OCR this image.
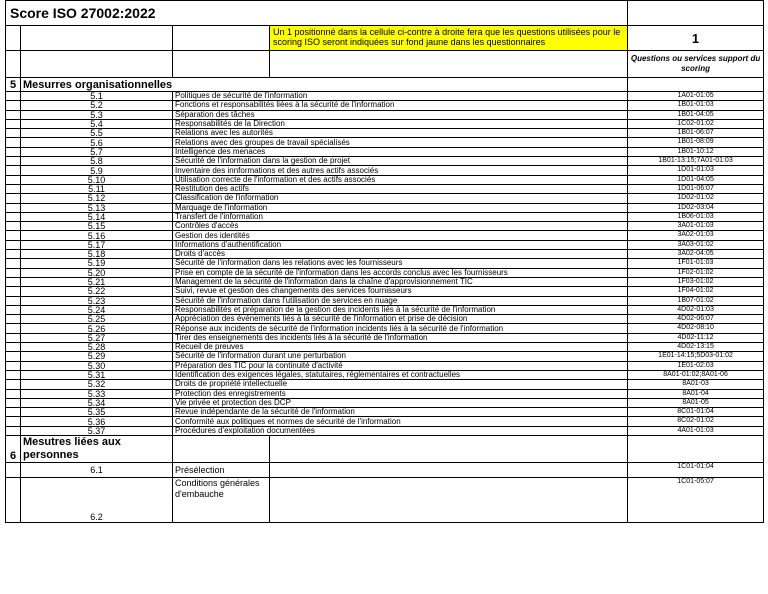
Score ISO 27002:2022				
			Un 1 positionné dans la cellule ci-contre à droite fera que les questions utilisées pour le scoring ISO seront indiquées sur fond jaune dans les questionnaires	1
				Questions ou services support du scoring
5	Mesurres organisationnelles			
	5.1	Politiques de sécurité de l'information		1A01-01:05
	5.2	Fonctions et responsabilités liées à la sécurité de l'information		1B01-01:03
	5.3	Séparation des tâches		1B01-04:05
	5.4	Responsabilités de la Direction		1C02-01:02
	5.5	Relations avec les autorités		1B01-06:07
	5.6	Relations avec des groupes de travail spécialisés		1B01-08:09
	5.7	Intelligence des menaces		1B01-10:12
	5.8	Sécurité de l'information dans la gestion de projet		1B01-13:15;7A01-01:03
	5.9	Inventaire des innformations et des autres actifs associés		1D01-01:03
	5.10	Utilisation correcte de l'information et des actifs associés		1D01-04:05
	5.11	Restitution des actifs		1D01-06:07
	5.12	Classification de l'information		1D02-01:02
	5.13	Marquage de l'information		1D02-03:04
	5.14	Transfert de l'information		1B06-01:03
	5.15	Contrôles d'accès		3A01-01:03
	5.16	Gestion des identités		3A02-01:03
	5.17	Informations d'authentification		3A03-01:02
	5.18	Droits d'accès		3A02-04:05
	5.19	Sécurité de l'information dans les relations avec les fournisseurs		1F01-01:03
	5.20	Prise en compte de la sécurité de l'information dans les accords conclus avec les fournisseurs		1F02-01:02
	5.21	Management de la sécurité de l'information dans la chaîne d'approvisionnement TIC		1F03-01:02
	5.22	Suivi, revue et gestion des changements des services fournisseurs		1F04-01:02
	5.23	Sécurité de l'information dans l'utilisation de services en nuage		1B07-01:02
	5.24	Responsabilités et préparation de la gestion des incidents liés à la sécurité de l'information		4D02-01:03
	5.25	Appréciation des événements liés à la sécurité de l'information et prise de décision		4D02-06:07
	5.26	Réponse aux incidents de sécurité de l'information incidents liés à la sécurité de l'information		4D02-08:10
	5.27	Tirer des enseignements des incidents liés à la sécurité de l'information		4D02-11:12
	5.28	Recueil de preuves		4D02-13:15
	5.29	Sécurité de l'information durant une perturbation		1E01-14:15;5D03-01:02
	5.30	Préparation des TIC pour la continuité d'activité		1E01-02:03
	5.31	Identification des exigences légales, statutaires, réglementaires et contractuelles		8A01-01:02;8A01-06
	5.32	Droits de propriété intellectuelle		8A01-03
	5.33	Protection des enregistrements		8A01-04
	5.34	Vie privée et protection des DCP		8A01-05
	5.35	Revue indépendante de la sécurité de l'information		8C01-01:04
	5.36	Conformité aux politiques et normes de sécurité de l'information		8C02-01:02
	5.37	Procédures d'exploitation documentées		4A01-01:03
6	Mesutres liées aux personnes			
	6.1	Présélection		1C01-01:04
	6.2	Conditions générales d'embauche		1C01-05:07
